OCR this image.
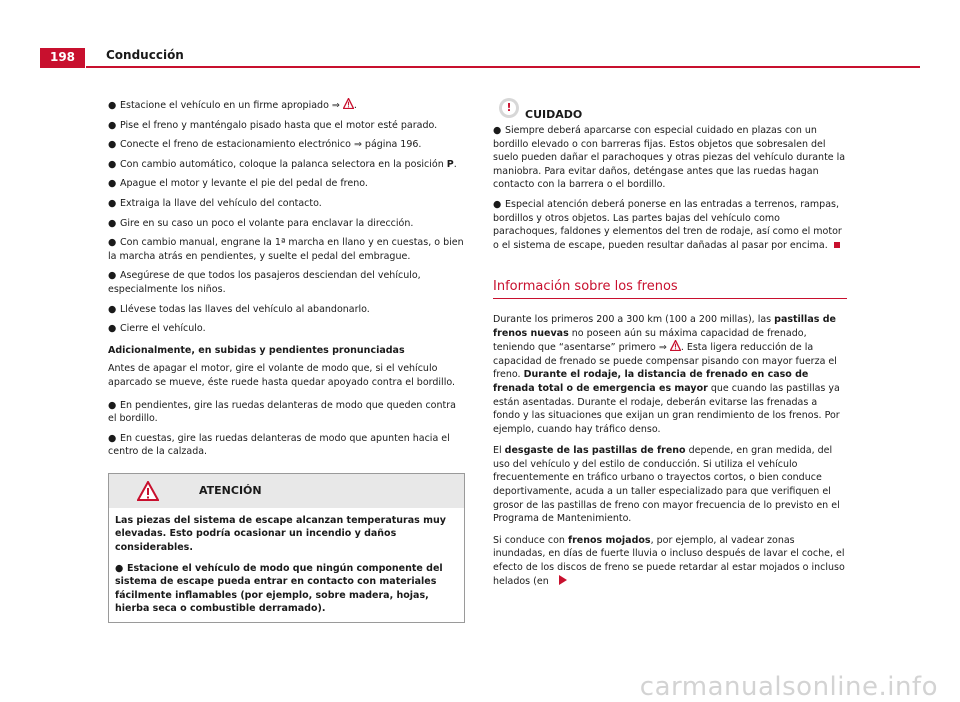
198	Conducción
● Estacione el vehículo en un firme apropiado ⇒ .
● Pise el freno y manténgalo pisado hasta que el motor esté parado.
● Conecte el freno de estacionamiento electrónico ⇒ página 196.
● Con cambio automático, coloque la palanca selectora en la posición P.
● Apague el motor y levante el pie del pedal de freno.
● Extraiga la llave del vehículo del contacto.
● Gire en su caso un poco el volante para enclavar la dirección.
● Con cambio manual, engrane la 1ª marcha en llano y en cuestas, o bien la marcha atrás en pendientes, y suelte el pedal del embrague.
● Asegúrese de que todos los pasajeros desciendan del vehículo, especialmente los niños.
● Llévese todas las llaves del vehículo al abandonarlo.
● Cierre el vehículo.

Adicionalmente, en subidas y pendientes pronunciadas

Antes de apagar el motor, gire el volante de modo que, si el vehículo aparcado se mueve, éste ruede hasta quedar apoyado contra el bordillo.

● En pendientes, gire las ruedas delanteras de modo que queden contra el bordillo.
● En cuestas, gire las ruedas delanteras de modo que apunten hacia el centro de la calzada.
ATENCIÓN

Las piezas del sistema de escape alcanzan temperaturas muy elevadas. Esto podría ocasionar un incendio y daños considerables.

● Estacione el vehículo de modo que ningún componente del sistema de escape pueda entrar en contacto con materiales fácilmente inflamables (por ejemplo, sobre madera, hojas, hierba seca o combustible derramado).
!
CUIDADO
● Siempre deberá aparcarse con especial cuidado en plazas con un bordillo elevado o con barreras fijas. Estos objetos que sobresalen del suelo pueden dañar el parachoques y otras piezas del vehículo durante la maniobra. Para evitar daños, deténgase antes que las ruedas hagan contacto con la barrera o el bordillo.
● Especial atención deberá ponerse en las entradas a terrenos, rampas, bordillos y otros objetos. Las partes bajas del vehículo como parachoques, faldones y elementos del tren de rodaje, así como el motor o el sistema de escape, pueden resultar dañadas al pasar por encima.
Información sobre los frenos

Durante los primeros 200 a 300 km (100 a 200 millas), las pastillas de frenos nuevas no poseen aún su máxima capacidad de frenado, teniendo que “asentarse” primero ⇒ . Esta ligera reducción de la capacidad de frenado se puede compensar pisando con mayor fuerza el freno. Durante el rodaje, la distancia de frenado en caso de frenada total o de emergencia es mayor que cuando las pastillas ya están asentadas. Durante el rodaje, deberán evitarse las frenadas a fondo y las situaciones que exijan un gran rendimiento de los frenos. Por ejemplo, cuando hay tráfico denso.

El desgaste de las pastillas de freno depende, en gran medida, del uso del vehículo y del estilo de conducción. Si utiliza el vehículo frecuentemente en tráfico urbano o trayectos cortos, o bien conduce deportivamente, acuda a un taller especializado para que verifiquen el grosor de las pastillas de freno con mayor frecuencia de lo previsto en el Programa de Mantenimiento.

Si conduce con frenos mojados, por ejemplo, al vadear zonas inundadas, en días de fuerte lluvia o incluso después de lavar el coche, el efecto de los discos de freno se puede retardar al estar mojados o incluso helados (en

carmanualsonline.info
